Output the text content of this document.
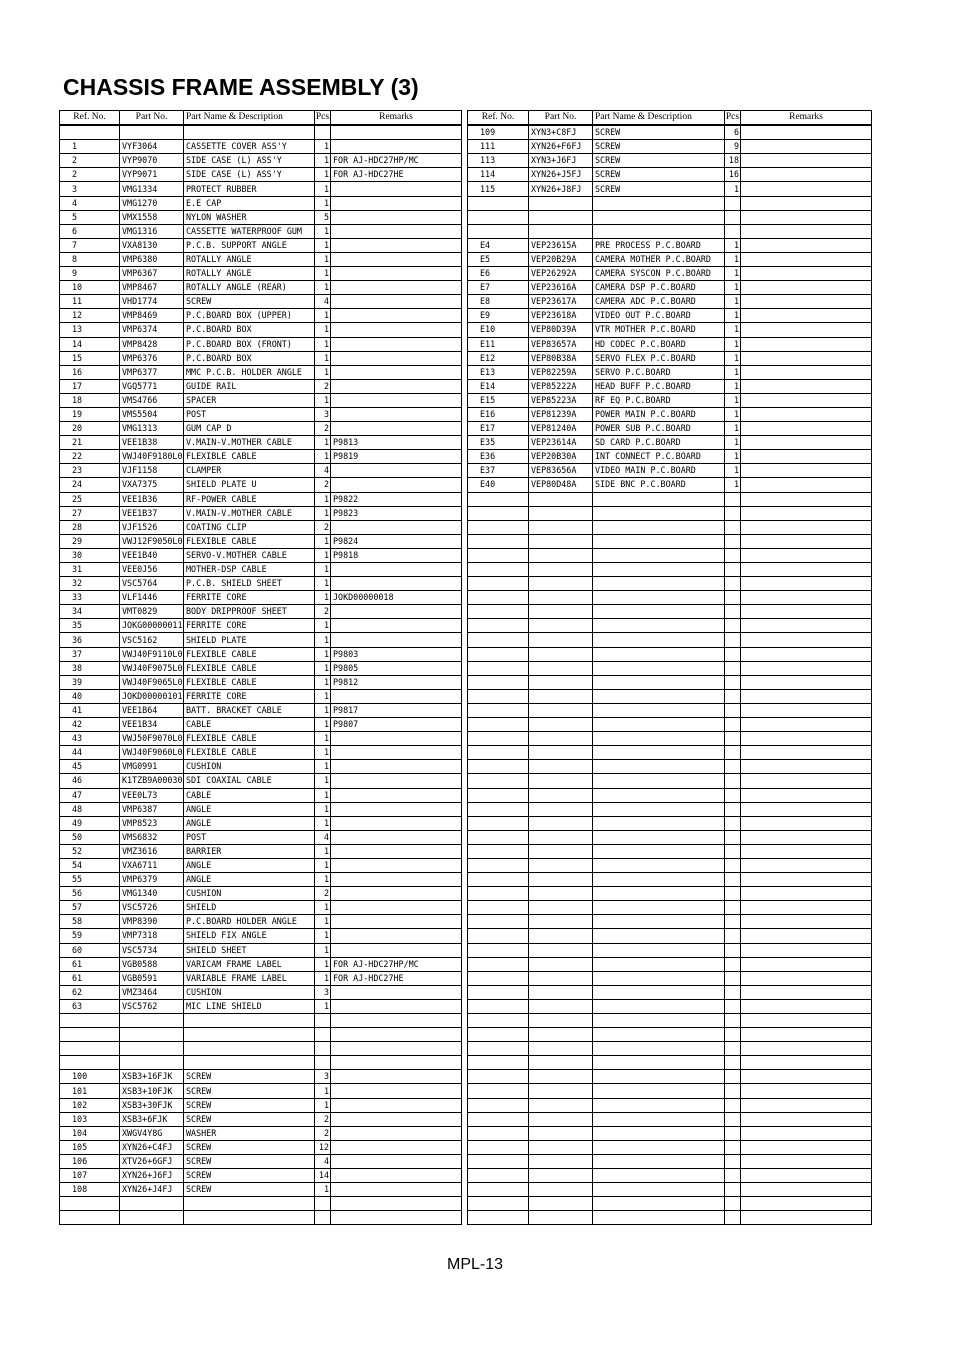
CHASSIS FRAME ASSEMBLY (3)
Ref. No.	Part No.	Part Name & Description	Pcs	Remarks

1	VYF3064	CASSETTE COVER ASS'Y	1	
2	VYP9070	SIDE CASE (L) ASS'Y	1	FOR AJ-HDC27HP/MC
2	VYP9071	SIDE CASE (L) ASS'Y	1	FOR AJ-HDC27HE
3	VMG1334	PROTECT RUBBER	1	
4	VMG1270	E.E CAP	1	
5	VMX1558	NYLON WASHER	5	
6	VMG1316	CASSETTE WATERPROOF GUM	1	
7	VXA8130	P.C.B. SUPPORT ANGLE	1	
8	VMP6380	ROTALLY ANGLE	1	
9	VMP6367	ROTALLY ANGLE	1	
10	VMP8467	ROTALLY ANGLE (REAR)	1	
11	VHD1774	SCREW	4	
12	VMP8469	P.C.BOARD BOX (UPPER)	1	
13	VMP6374	P.C.BOARD BOX	1	
14	VMP8428	P.C.BOARD BOX (FRONT)	1	
15	VMP6376	P.C.BOARD BOX	1	
16	VMP6377	MMC P.C.B. HOLDER ANGLE	1	
17	VGQ5771	GUIDE RAIL	2	
18	VMS4766	SPACER	1	
19	VMS5504	POST	3	
20	VMG1313	GUM CAP D	2	
21	VEE1B38	V.MAIN-V.MOTHER CABLE	1	P9813
22	VWJ40F9180L0	FLEXIBLE CABLE	1	P9819
23	VJF1158	CLAMPER	4	
24	VXA7375	SHIELD PLATE U	2	
25	VEE1B36	RF-POWER CABLE	1	P9822
27	VEE1B37	V.MAIN-V.MOTHER CABLE	1	P9823
28	VJF1526	COATING CLIP	2	
29	VWJ12F9050L0	FLEXIBLE CABLE	1	P9824
30	VEE1B40	SERVO-V.MOTHER CABLE	1	P9818
31	VEE0J56	MOTHER-DSP CABLE	1	
32	VSC5764	P.C.B. SHIELD SHEET	1	
33	VLF1446	FERRITE CORE	1	JOKD00000018
34	VMT0829	BODY DRIPPROOF SHEET	2	
35	JOKG00000011	FERRITE CORE	1	
36	VSC5162	SHIELD PLATE	1	
37	VWJ40F9110L0	FLEXIBLE CABLE	1	P9803
38	VWJ40F9075L0	FLEXIBLE CABLE	1	P9805
39	VWJ40F9065L0	FLEXIBLE CABLE	1	P9812
40	JOKD00000101	FERRITE CORE	1	
41	VEE1B64	BATT. BRACKET CABLE	1	P9817
42	VEE1B34	CABLE	1	P9807
43	VWJ50F9070L0	FLEXIBLE CABLE	1	
44	VWJ40F9060L0	FLEXIBLE CABLE	1	
45	VMG0991	CUSHION	1	
46	K1TZB9A00030	SDI COAXIAL CABLE	1	
47	VEE0L73	CABLE	1	
48	VMP6387	ANGLE	1	
49	VMP8523	ANGLE	1	
50	VMS6832	POST	4	
52	VMZ3616	BARRIER	1	
54	VXA6711	ANGLE	1	
55	VMP6379	ANGLE	1	
56	VMG1340	CUSHION	2	
57	VSC5726	SHIELD	1	
58	VMP8390	P.C.BOARD HOLDER ANGLE	1	
59	VMP7318	SHIELD FIX ANGLE	1	
60	VSC5734	SHIELD SHEET	1	
61	VGB0588	VARICAM FRAME LABEL	1	FOR AJ-HDC27HP/MC
61	VGB0591	VARIABLE FRAME LABEL	1	FOR AJ-HDC27HE
62	VMZ3464	CUSHION	3	
63	VSC5762	MIC LINE SHIELD	1	

100	XSB3+16FJK	SCREW	3	
101	XSB3+10FJK	SCREW	1	
102	XSB3+30FJK	SCREW	1	
103	XSB3+6FJK	SCREW	2	
104	XWGV4Y8G	WASHER	2	
105	XYN26+C4FJ	SCREW	12	
106	XTV26+6GFJ	SCREW	4	
107	XYN26+J6FJ	SCREW	14	
108	XYN26+J4FJ	SCREW	1	

Ref. No.	Part No.	Part Name & Description	Pcs	Remarks
109	XYN3+C8FJ	SCREW	6	
111	XYN26+F6FJ	SCREW	9	
113	XYN3+J6FJ	SCREW	18	
114	XYN26+J5FJ	SCREW	16	
115	XYN26+J8FJ	SCREW	1	

E4	VEP23615A	PRE PROCESS P.C.BOARD	1	
E5	VEP20B29A	CAMERA MOTHER P.C.BOARD	1	
E6	VEP26292A	CAMERA SYSCON P.C.BOARD	1	
E7	VEP23616A	CAMERA DSP P.C.BOARD	1	
E8	VEP23617A	CAMERA ADC P.C.BOARD	1	
E9	VEP23618A	VIDEO OUT P.C.BOARD	1	
E10	VEP80D39A	VTR MOTHER P.C.BOARD	1	
E11	VEP83657A	HD CODEC P.C.BOARD	1	
E12	VEP80B38A	SERVO FLEX P.C.BOARD	1	
E13	VEP82259A	SERVO P.C.BOARD	1	
E14	VEP85222A	HEAD BUFF P.C.BOARD	1	
E15	VEP85223A	RF EQ P.C.BOARD	1	
E16	VEP81239A	POWER MAIN P.C.BOARD	1	
E17	VEP81240A	POWER SUB P.C.BOARD	1	
E35	VEP23614A	SD CARD P.C.BOARD	1	
E36	VEP20B30A	INT CONNECT P.C.BOARD	1	
E37	VEP83656A	VIDEO MAIN P.C.BOARD	1	
E40	VEP80D48A	SIDE BNC P.C.BOARD	1	

MPL-13
